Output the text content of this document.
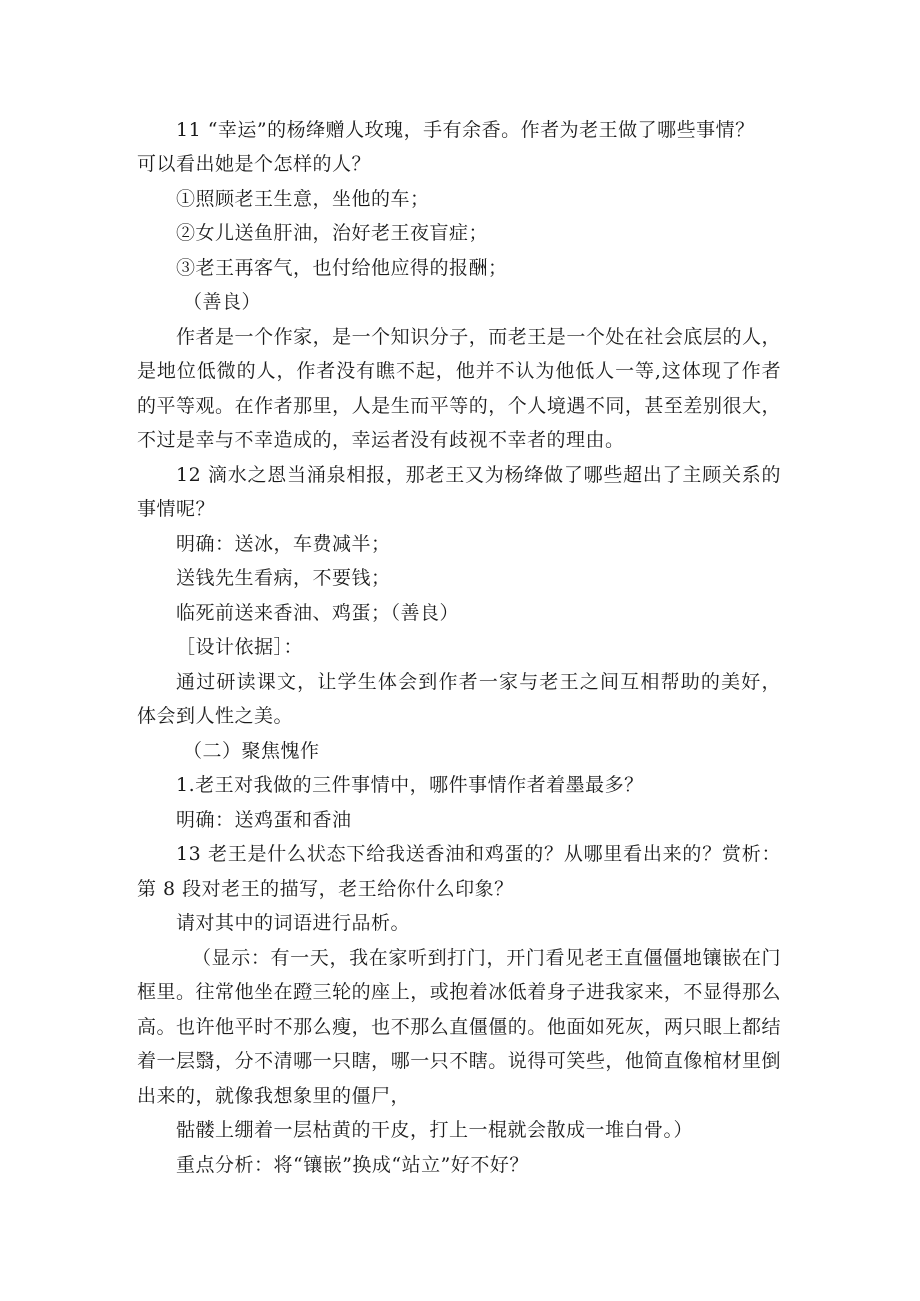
11 “幸运”的杨绛赠人玫瑰，手有余香。作者为老王做了哪些事情？
可以看出她是个怎样的人？
①照顾老王生意，坐他的车；
②女儿送鱼肝油，治好老王夜盲症；
③老王再客气，也付给他应得的报酬；
（善良）
作者是一个作家，是一个知识分子，而老王是一个处在社会底层的人，
是地位低微的人，作者没有瞧不起，他并不认为他低人一等,这体现了作者
的平等观。在作者那里，人是生而平等的，个人境遇不同，甚至差别很大，
不过是幸与不幸造成的，幸运者没有歧视不幸者的理由。
12 滴水之恩当涌泉相报，那老王又为杨绛做了哪些超出了主顾关系的
事情呢？
明确：送冰，车费减半；
送钱先生看病，不要钱；
临死前送来香油、鸡蛋；（善良）
［设计依据］：
通过研读课文，让学生体会到作者一家与老王之间互相帮助的美好，
体会到人性之美。
（二）聚焦愧作
1.老王对我做的三件事情中，哪件事情作者着墨最多？
明确：送鸡蛋和香油
13 老王是什么状态下给我送香油和鸡蛋的？从哪里看出来的？赏析：
第 8 段对老王的描写，老王给你什么印象？
请对其中的词语进行品析。
（显示：有一天，我在家听到打门，开门看见老王直僵僵地镶嵌在门
框里。往常他坐在蹬三轮的座上，或抱着冰低着身子进我家来，不显得那么
高。也许他平时不那么瘦，也不那么直僵僵的。他面如死灰，两只眼上都结
着一层翳，分不清哪一只瞎，哪一只不瞎。说得可笑些，他简直像棺材里倒
出来的，就像我想象里的僵尸，
骷髅上绷着一层枯黄的干皮，打上一棍就会散成一堆白骨。）
重点分析：将“镶嵌”换成“站立”好不好？
